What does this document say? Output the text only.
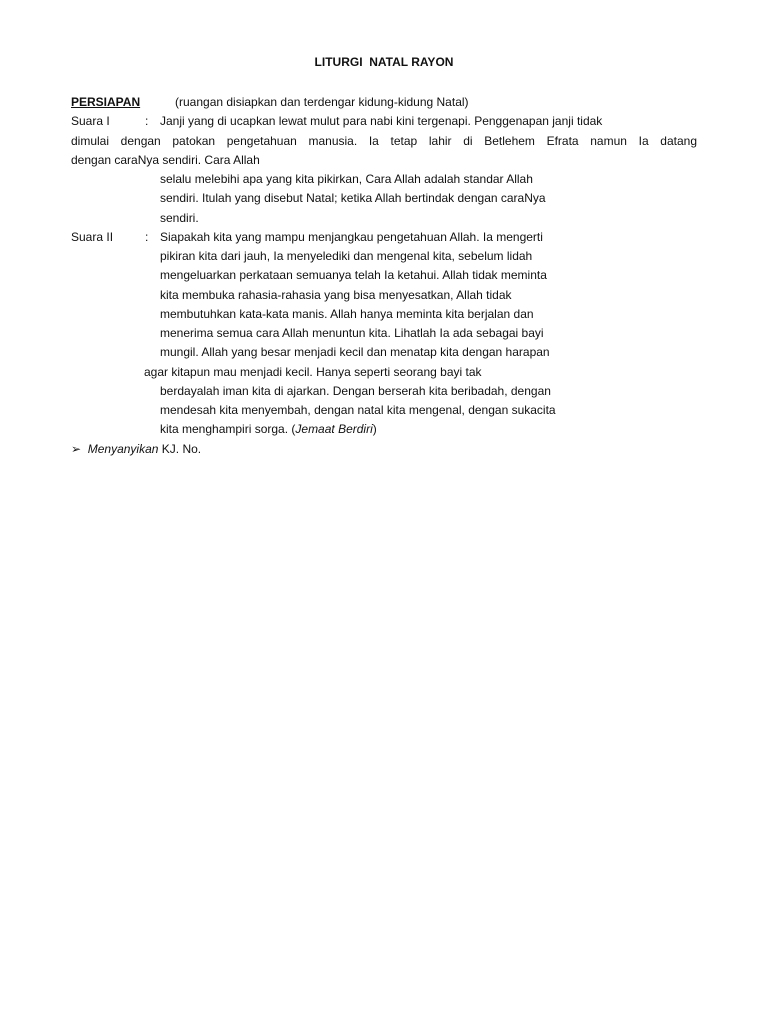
LITURGI  NATAL RAYON
PERSIAPAN	(ruangan disiapkan dan terdengar kidung-kidung Natal)
Suara I	: Janji yang di ucapkan lewat mulut para nabi kini tergenapi. Penggenapan janji tidak
dimulai dengan patokan pengetahuan manusia. Ia tetap lahir di Betlehem Efrata namun Ia datang
dengan caraNya sendiri. Cara Allah
selalu melebihi apa yang kita pikirkan, Cara Allah adalah standar Allah
sendiri. Itulah yang disebut Natal; ketika Allah bertindak dengan caraNya
sendiri.
Suara II	: Siapakah kita yang mampu menjangkau pengetahuan Allah. Ia mengerti
pikiran kita dari jauh, Ia menyelediki dan mengenal kita, sebelum lidah
mengeluarkan perkataan semuanya telah Ia ketahui. Allah tidak meminta
kita membuka rahasia-rahasia yang bisa menyesatkan, Allah tidak
membutuhkan kata-kata manis. Allah hanya meminta kita berjalan dan
menerima semua cara Allah menuntun kita. Lihatlah Ia ada sebagai bayi
mungil. Allah yang besar menjadi kecil dan menatap kita dengan harapan
agar kitapun mau menjadi kecil. Hanya seperti seorang bayi tak
berdayalah iman kita di ajarkan. Dengan berserah kita beribadah, dengan
mendesah kita menyembah, dengan natal kita mengenal, dengan sukacita
kita menghampiri sorga. (Jemaat Berdiri)
➢ Menyanyikan KJ. No.
